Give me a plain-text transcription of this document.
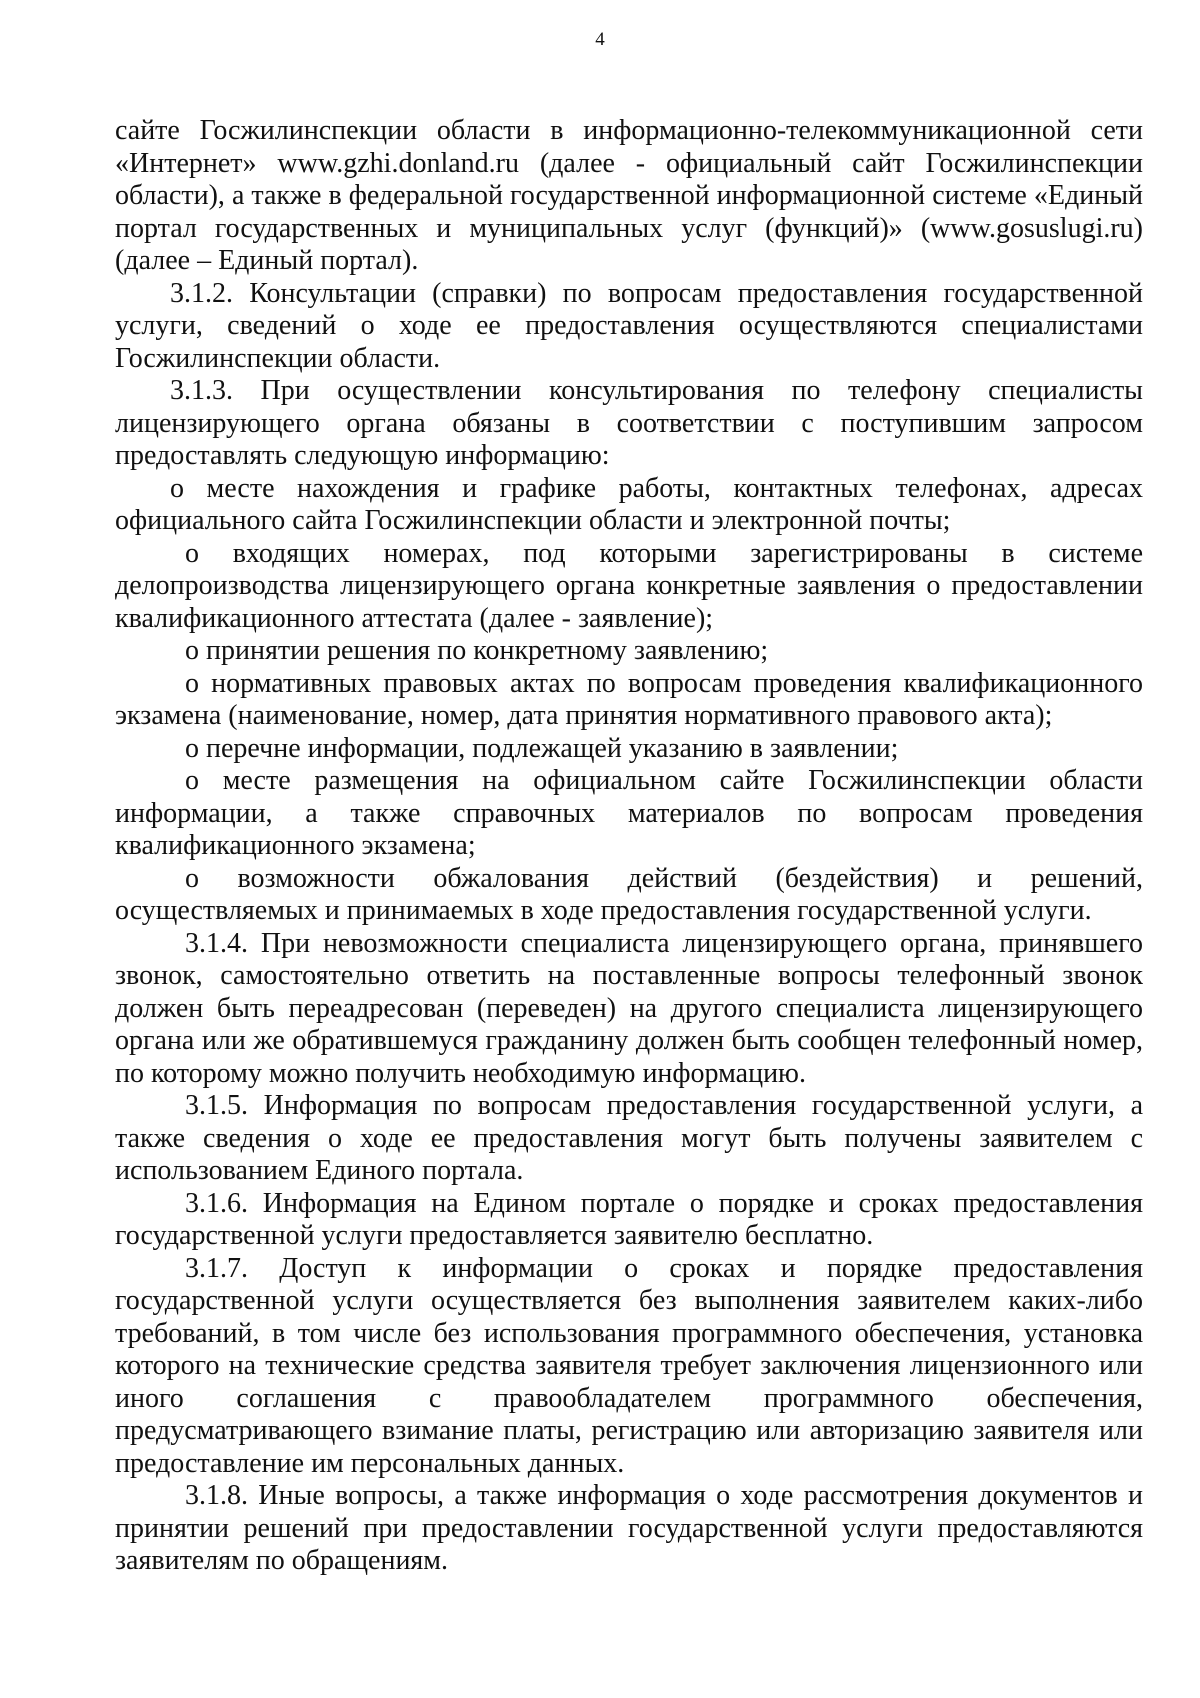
4

сайте Госжилинспекции области в информационно-телекоммуникационной сети «Интернет» www.gzhi.donland.ru (далее - официальный сайт Госжилинспекции области), а также в федеральной государственной информационной системе «Единый портал государственных и муниципальных услуг (функций)» (www.gosuslugi.ru) (далее – Единый портал).

3.1.2. Консультации (справки) по вопросам предоставления государственной услуги, сведений о ходе ее предоставления осуществляются специалистами Госжилинспекции области.

3.1.3. При осуществлении консультирования по телефону специалисты лицензирующего органа обязаны в соответствии с поступившим запросом предоставлять следующую информацию:

о месте нахождения и графике работы, контактных телефонах, адресах официального сайта Госжилинспекции области и электронной почты;

о входящих номерах, под которыми зарегистрированы в системе делопроизводства лицензирующего органа конкретные заявления о предоставлении квалификационного аттестата (далее - заявление);

о принятии решения по конкретному заявлению;

о нормативных правовых актах по вопросам проведения квалификационного экзамена (наименование, номер, дата принятия нормативного правового акта);

о перечне информации, подлежащей указанию в заявлении;

о месте размещения на официальном сайте Госжилинспекции области информации, а также справочных материалов по вопросам проведения квалификационного экзамена;

о возможности обжалования действий (бездействия) и решений, осуществляемых и принимаемых в ходе предоставления государственной услуги.

3.1.4. При невозможности специалиста лицензирующего органа, принявшего звонок, самостоятельно ответить на поставленные вопросы телефонный звонок должен быть переадресован (переведен) на другого специалиста лицензирующего органа или же обратившемуся гражданину должен быть сообщен телефонный номер, по которому можно получить необходимую информацию.

3.1.5. Информация по вопросам предоставления государственной услуги, а также сведения о ходе ее предоставления могут быть получены заявителем с использованием Единого портала.

3.1.6. Информация на Едином портале о порядке и сроках предоставления государственной услуги предоставляется заявителю бесплатно.

3.1.7. Доступ к информации о сроках и порядке предоставления государственной услуги осуществляется без выполнения заявителем каких-либо требований, в том числе без использования программного обеспечения, установка которого на технические средства заявителя требует заключения лицензионного или иного соглашения с правообладателем программного обеспечения, предусматривающего взимание платы, регистрацию или авторизацию заявителя или предоставление им персональных данных.

3.1.8. Иные вопросы, а также информация о ходе рассмотрения документов и принятии решений при предоставлении государственной услуги предоставляются заявителям по обращениям.
